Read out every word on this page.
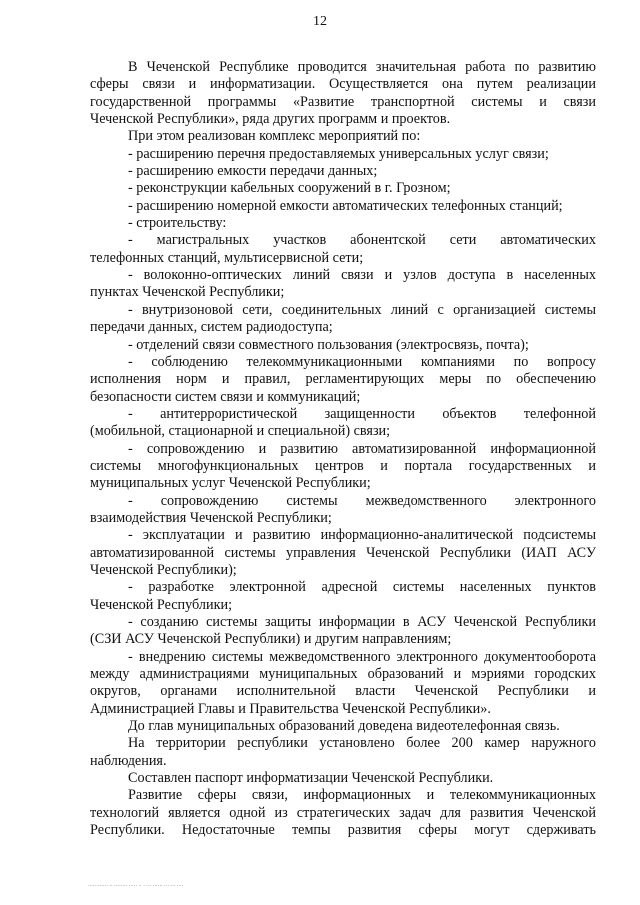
12
В Чеченской Республике проводится значительная работа по развитию
сферы связи и информатизации. Осуществляется она путем реализации
государственной программы «Развитие транспортной системы и связи
Чеченской Республики», ряда других программ и проектов.
При этом реализован комплекс мероприятий по:
- расширению перечня предоставляемых универсальных услуг связи;
- расширению емкости передачи данных;
- реконструкции кабельных сооружений в г. Грозном;
- расширению номерной емкости автоматических телефонных станций;
- строительству:
- магистральных участков абонентской сети автоматических
телефонных станций, мультисервисной сети;
- волоконно-оптических линий связи и узлов доступа в населенных
пунктах Чеченской Республики;
- внутризоновой сети, соединительных линий с организацией системы
передачи данных, систем радиодоступа;
- отделений связи совместного пользования (электросвязь, почта);
- соблюдению телекоммуникационными компаниями по вопросу
исполнения норм и правил, регламентирующих меры по обеспечению
безопасности систем связи и коммуникаций;
- антитеррористической защищенности объектов телефонной
(мобильной, стационарной и специальной) связи;
- сопровождению и развитию автоматизированной информационной
системы многофункциональных центров и портала государственных и
муниципальных услуг Чеченской Республики;
- сопровождению системы межведомственного электронного
взаимодействия Чеченской Республики;
- эксплуатации и развитию информационно-аналитической подсистемы
автоматизированной системы управления Чеченской Республики (ИАП АСУ
Чеченской Республики);
- разработке электронной адресной системы населенных пунктов
Чеченской Республики;
- созданию системы защиты информации в АСУ Чеченской Республики
(СЗИ АСУ Чеченской Республики) и другим направлениям;
- внедрению системы межведомственного электронного документооборота
между администрациями муниципальных образований и мэриями городских
округов, органами исполнительной власти Чеченской Республики и
Администрацией Главы и Правительства Чеченской Республики».
До глав муниципальных образований доведена видеотелефонная связь.
На территории республики установлено более 200 камер наружного
наблюдения.
Составлен паспорт информатизации Чеченской Республики.
Развитие сферы связи, информационных и телекоммуникационных
технологий является одной из стратегических задач для развития Чеченской
Республики. Недостаточные темпы развития сферы могут сдерживать
············ ·· ········ ····· ·· · ··· ······ ··· ··· ····
